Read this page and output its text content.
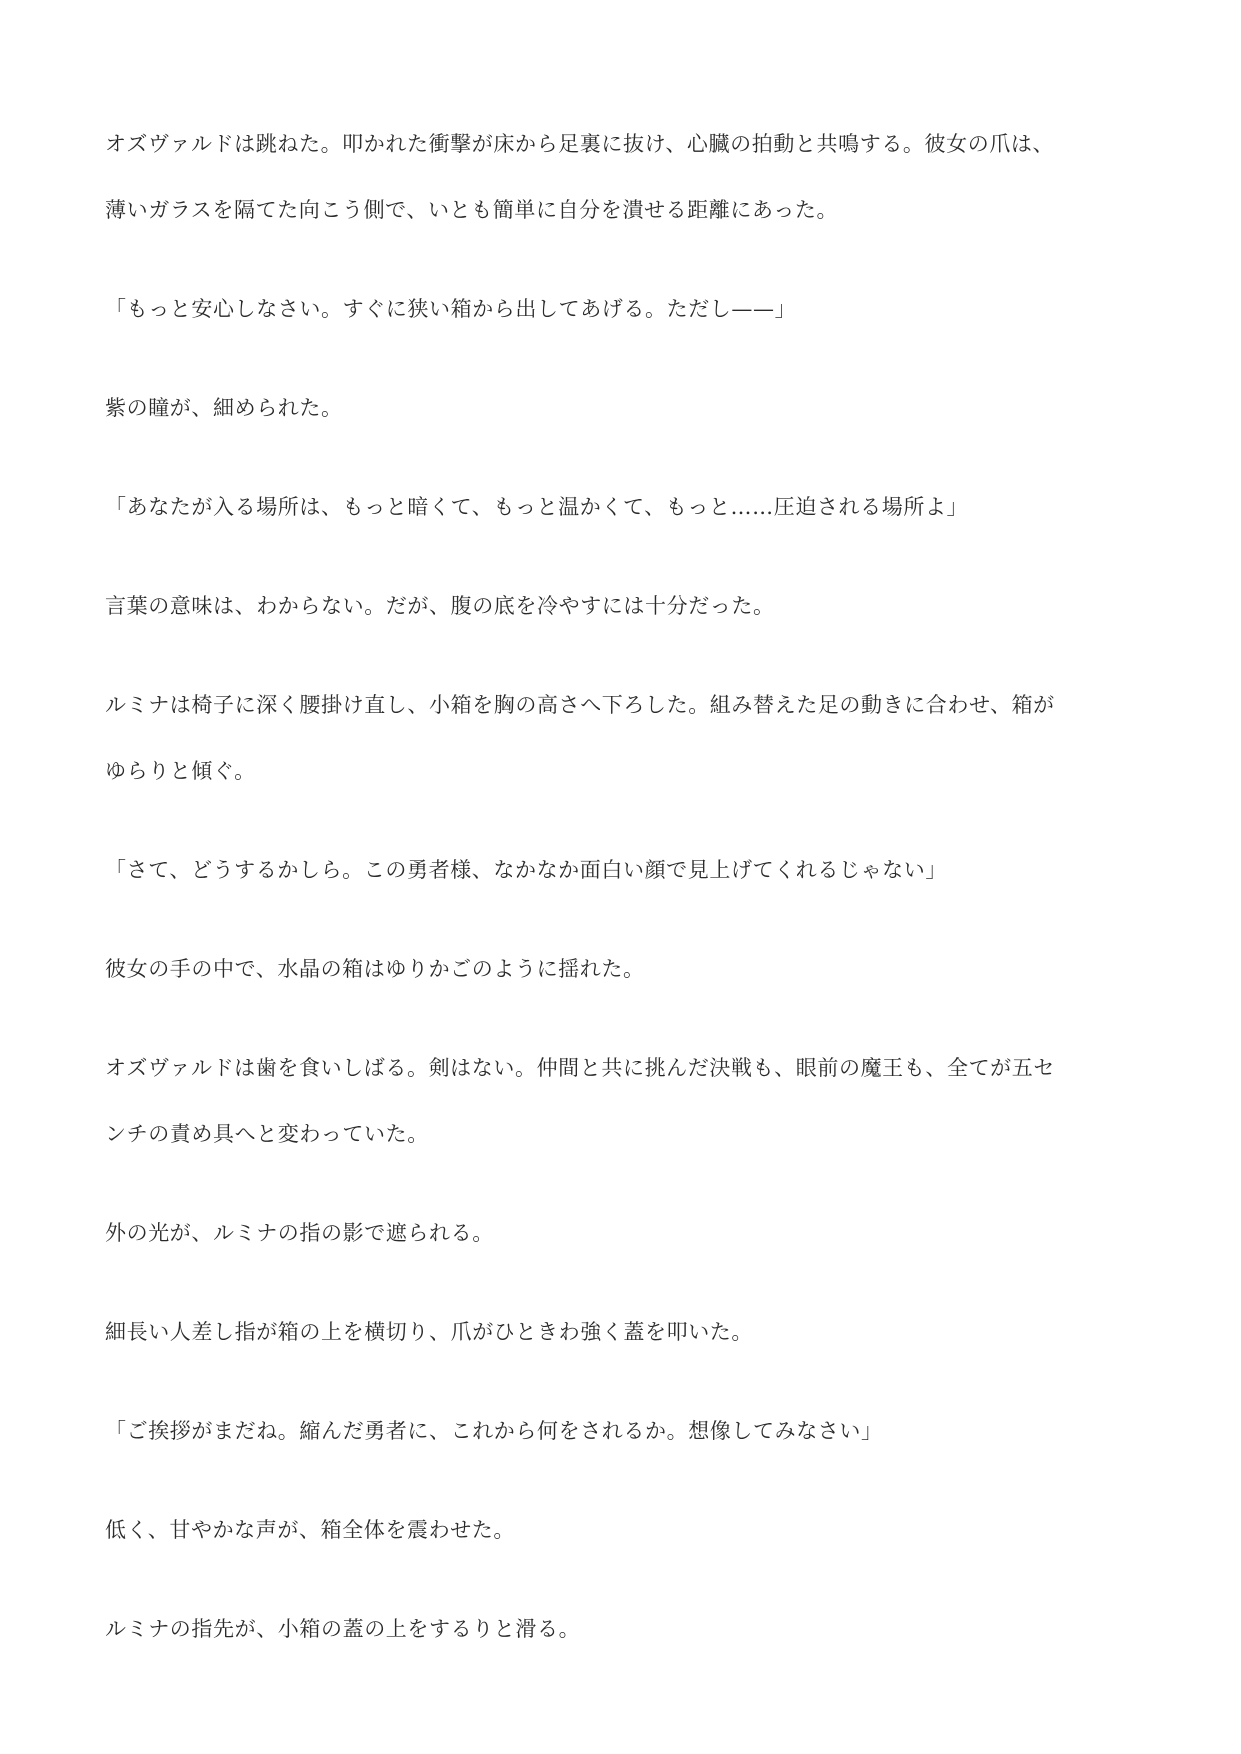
オズヴァルドは跳ねた。叩かれた衝撃が床から足裏に抜け、心臓の拍動と共鳴する。彼女の爪は、
薄いガラスを隔てた向こう側で、いとも簡単に自分を潰せる距離にあった。

「もっと安心しなさい。すぐに狭い箱から出してあげる。ただし——」

紫の瞳が、細められた。

「あなたが入る場所は、もっと暗くて、もっと温かくて、もっと……圧迫される場所よ」

言葉の意味は、わからない。だが、腹の底を冷やすには十分だった。

ルミナは椅子に深く腰掛け直し、小箱を胸の高さへ下ろした。組み替えた足の動きに合わせ、箱が
ゆらりと傾ぐ。

「さて、どうするかしら。この勇者様、なかなか面白い顔で見上げてくれるじゃない」

彼女の手の中で、水晶の箱はゆりかごのように揺れた。

オズヴァルドは歯を食いしばる。剣はない。仲間と共に挑んだ決戦も、眼前の魔王も、全てが五セ
ンチの責め具へと変わっていた。

外の光が、ルミナの指の影で遮られる。

細長い人差し指が箱の上を横切り、爪がひときわ強く蓋を叩いた。

「ご挨拶がまだね。縮んだ勇者に、これから何をされるか。想像してみなさい」

低く、甘やかな声が、箱全体を震わせた。

ルミナの指先が、小箱の蓋の上をするりと滑る。
